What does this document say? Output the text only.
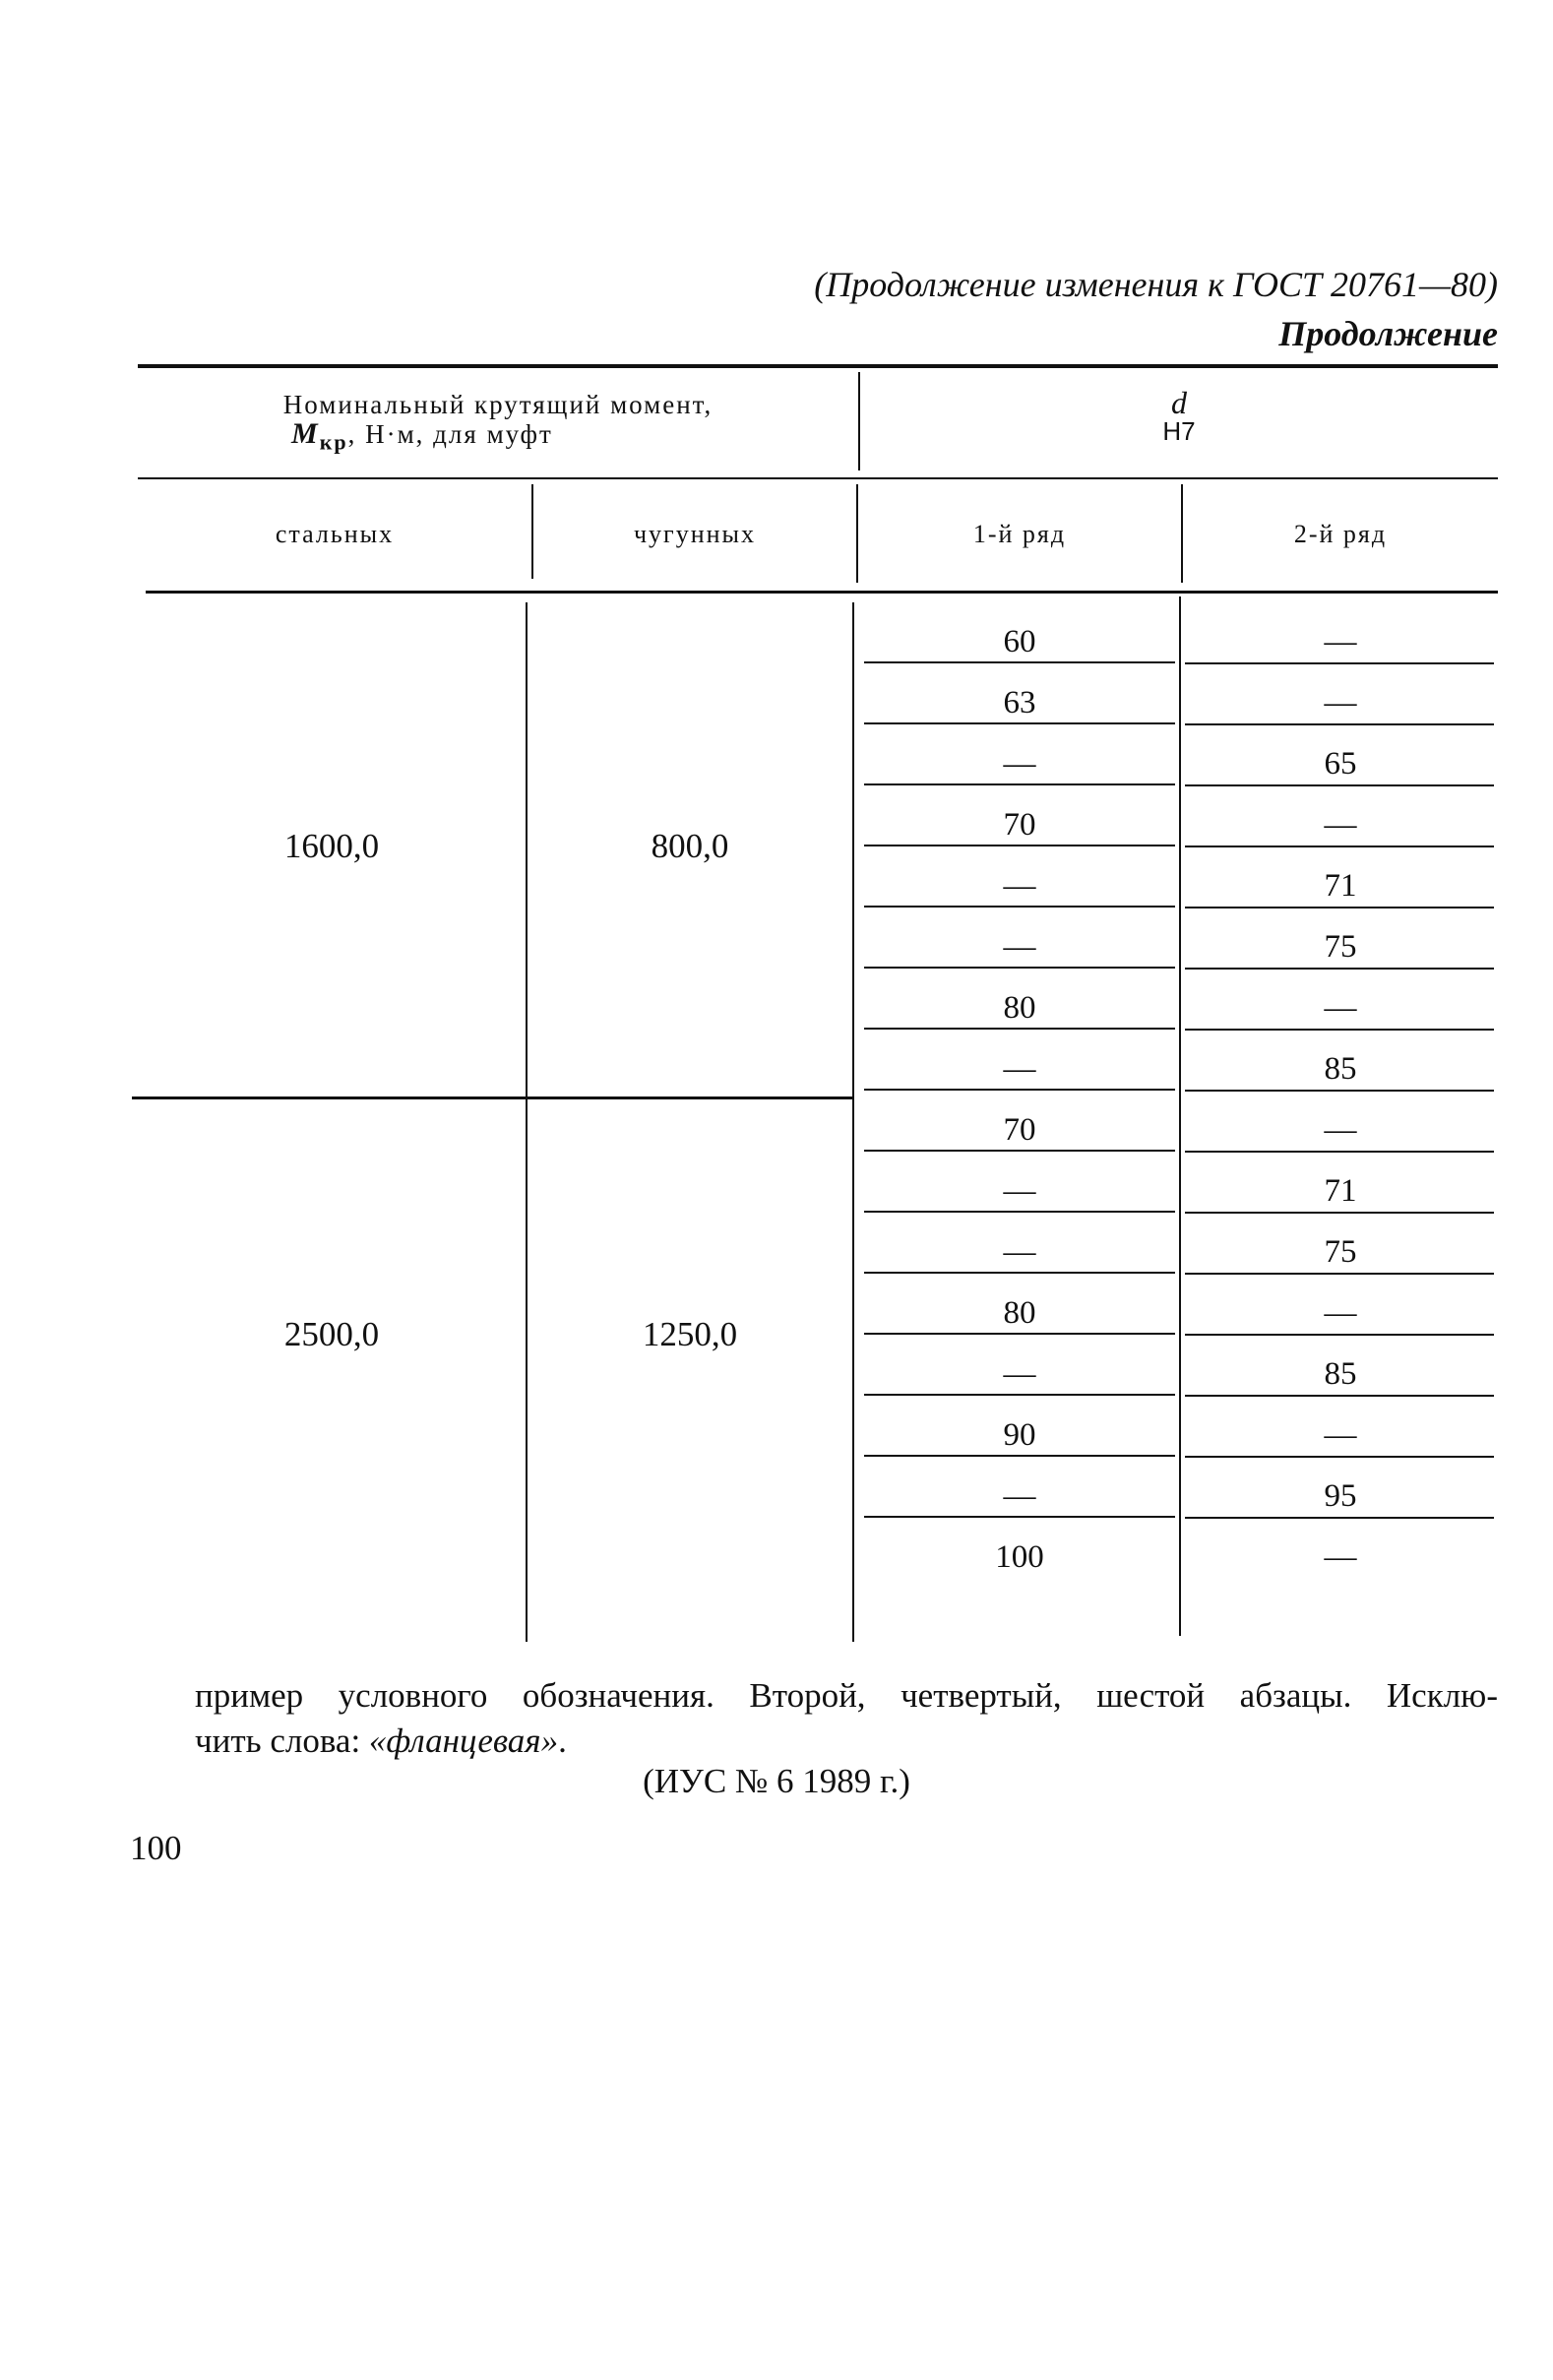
(Продолжение изменения к ГОСТ 20761—80)
Продолжение
Номинальный крутящий момент,
$M_{кр}$, Н·м, для муфт
d
H7
стальных	чугунных	1-й ряд	2-й ряд
1600,0	800,0
60	—
63	—
—	65
70	—
—	71
—	75
80	—
—	85
2500,0	1250,0
70	—
—	71
—	75
80	—
—	85
90	—
—	95
100	—
пример условного обозначения. Второй, четвертый, шестой абзацы. Исклю-
чить слова: «фланцевая».
(ИУС № 6 1989 г.)
100
